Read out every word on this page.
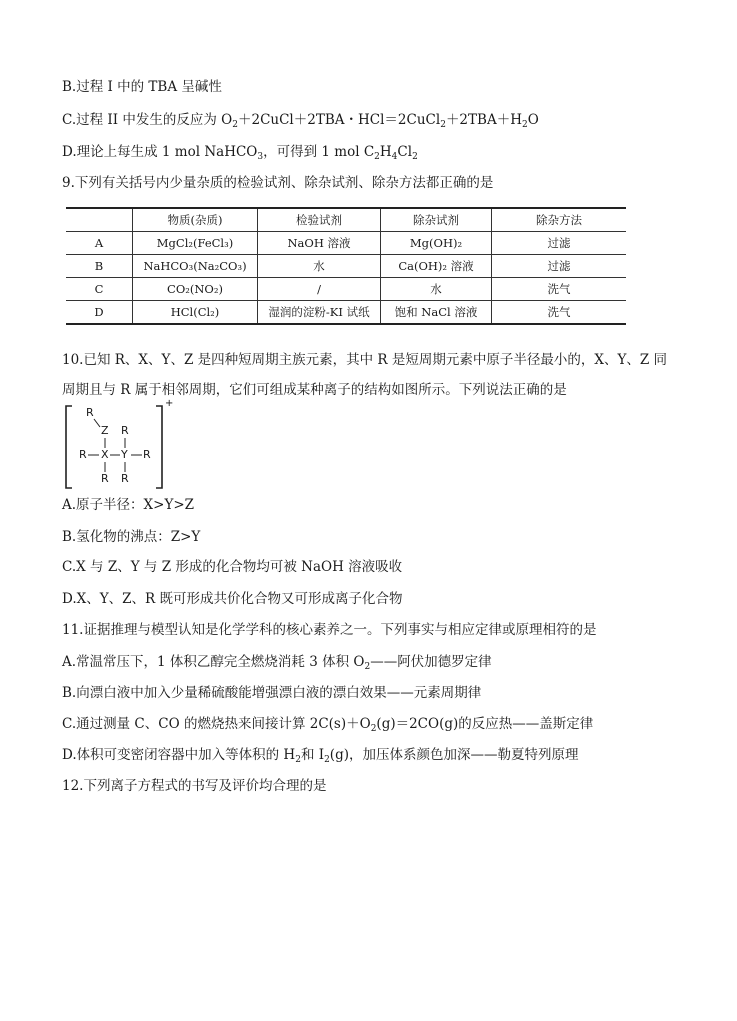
B.过程 I 中的 TBA 呈碱性
C.过程 II 中发生的反应为 $O_2+2CuCl+2TBA$・$HCl=2CuCl_2+2TBA+H_2O$
D.理论上每生成 1 mol NaHCO$_3$，可得到 1 mol $C_2H_4Cl_2$
9.下列有关括号内少量杂质的检验试剂、除杂试剂、除杂方法都正确的是
	物质(杂质)	检验试剂	除杂试剂	除杂方法
A	MgCl₂(FeCl₃)	NaOH 溶液	Mg(OH)₂	过滤
B	NaHCO₃(Na₂CO₃)	水	Ca(OH)₂ 溶液	过滤
C	CO₂(NO₂)	/	水	洗气
D	HCl(Cl₂)	湿润的淀粉-KI 试纸	饱和 NaCl 溶液	洗气
10.已知 R、X、Y、Z 是四种短周期主族元素，其中 R 是短周期元素中原子半径最小的，X、Y、Z 同
周期且与 R 属于相邻周期，它们可组成某种离子的结构如图所示。下列说法正确的是
R
Z R
R X Y R
R R
+
A.原子半径：X>Y>Z
B.氢化物的沸点：Z>Y
C.X 与 Z、Y 与 Z 形成的化合物均可被 NaOH 溶液吸收
D.X、Y、Z、R 既可形成共价化合物又可形成离子化合物
11.证据推理与模型认知是化学学科的核心素养之一。下列事实与相应定律或原理相符的是
A.常温常压下，1 体积乙醇完全燃烧消耗 3 体积 $O_2——$阿伏加德罗定律
B.向漂白液中加入少量稀硫酸能增强漂白液的漂白效果——元素周期律
C.通过测量 C、CO 的燃烧热来间接计算 $2C(s)+O_2(g)=2CO(g)$的反应热——盖斯定律
D.体积可变密闭容器中加入等体积的 $H_2$和 $I_2(g)$，加压体系颜色加深——勒夏特列原理
12.下列离子方程式的书写及评价均合理的是
